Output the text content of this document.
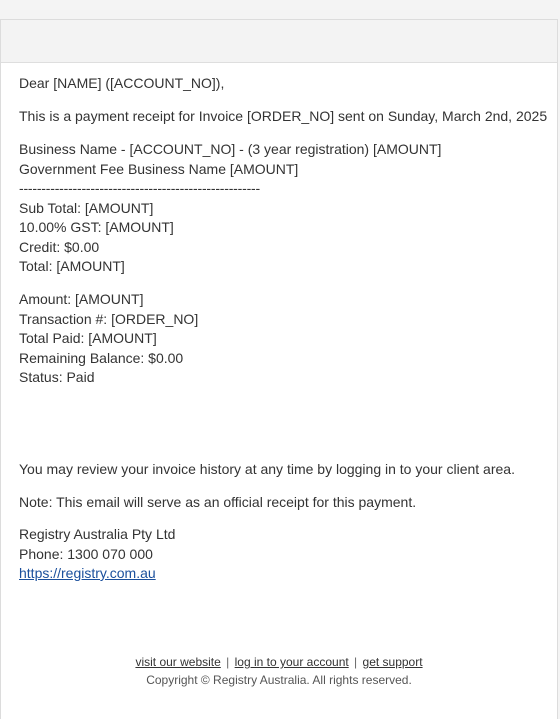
Dear [NAME] ([ACCOUNT_NO]),

This is a payment receipt for Invoice [ORDER_NO] sent on Sunday, March 2nd, 2025

Business Name - [ACCOUNT_NO] - (3 year registration) [AMOUNT]
Government Fee Business Name [AMOUNT]
------------------------------------------------------
Sub Total: [AMOUNT]
10.00% GST: [AMOUNT]
Credit: $0.00
Total: [AMOUNT]
Amount: [AMOUNT]
Transaction #: [ORDER_NO]
Total Paid: [AMOUNT]
Remaining Balance: $0.00
Status: Paid

You may review your invoice history at any time by logging in to your client area.

Note: This email will serve as an official receipt for this payment.

Registry Australia Pty Ltd
Phone: 1300 070 000
https://registry.com.au
visit our website | log in to your account | get support
Copyright © Registry Australia. All rights reserved.
